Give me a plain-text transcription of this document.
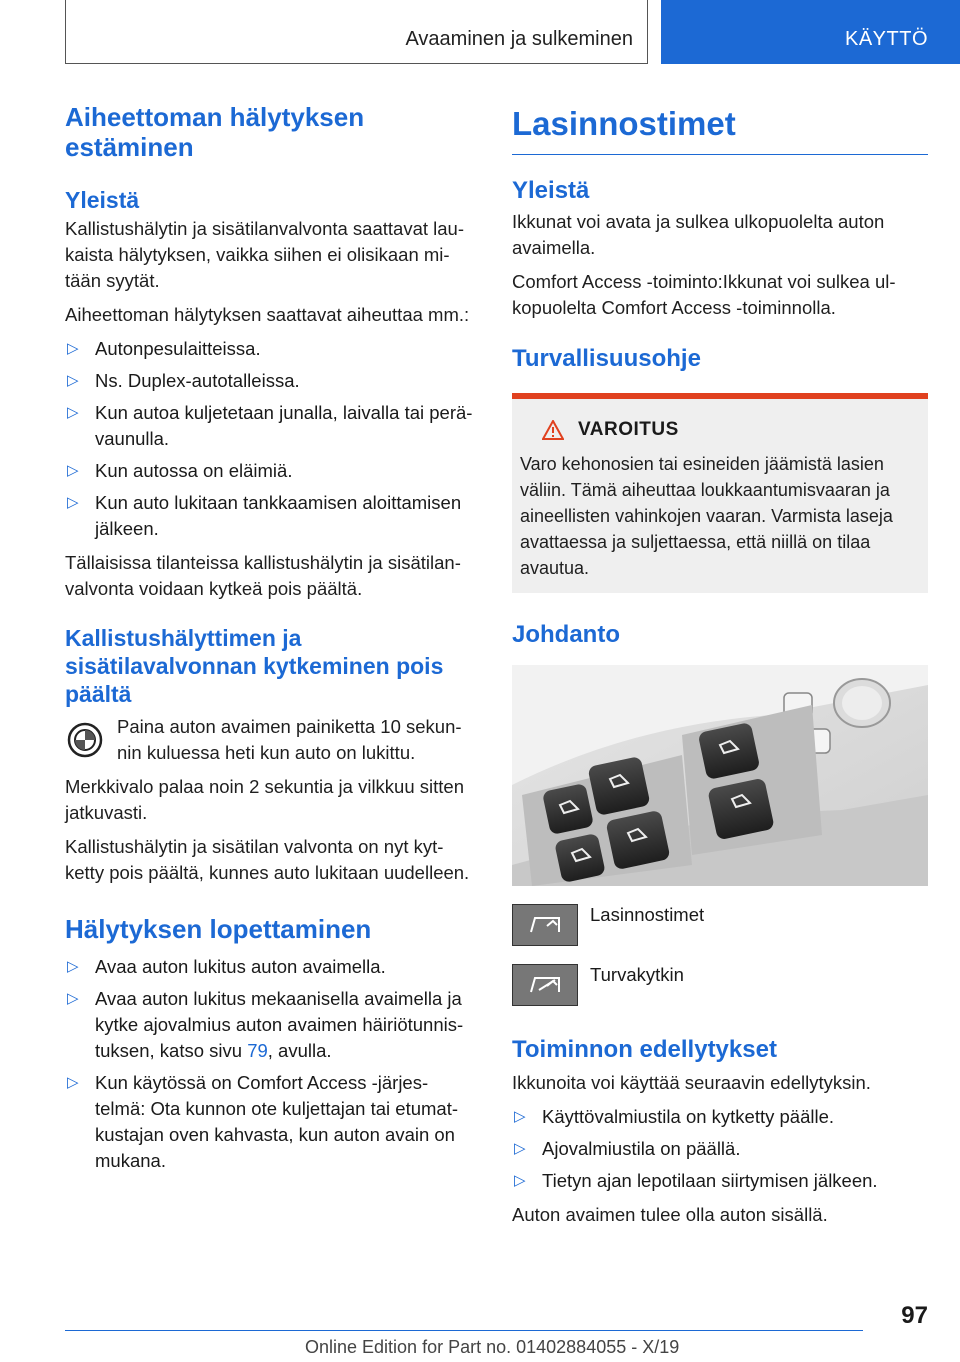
Avaaminen ja sulkeminen	KÄYTTÖ
Aiheettoman hälytyksen estäminen
Yleistä

Kallistushälytin ja sisätilanvalvonta saattavat lau-kaista hälytyksen, vaikka siihen ei olisikaan mi-tään syytät.

Aiheettoman hälytyksen saattavat aiheuttaa mm.:

▷ Autonpesulaitteissa.
▷ Ns. Duplex-autotalleissa.
▷ Kun autoa kuljetetaan junalla, laivalla tai perä-vaunulla.
▷ Kun autossa on eläimiä.
▷ Kun auto lukitaan tankkaamisen aloittamisen jälkeen.

Tällaisissa tilanteissa kallistushälytin ja sisätilan-valvonta voidaan kytkeä pois päältä.

Kallistushälyttimen ja sisätilavalvonnan kytkeminen pois päältä

Paina auton avaimen painiketta 10 sekun-nin kuluessa heti kun auto on lukittu.

Merkkivalo palaa noin 2 sekuntia ja vilkkuu sitten jatkuvasti.

Kallistushälytin ja sisätilan valvonta on nyt kyt-ketty pois päältä, kunnes auto lukitaan uudelleen.

Hälytyksen lopettaminen
▷ Avaa auton lukitus auton avaimella.
▷ Avaa auton lukitus mekaanisella avaimella ja kytke ajovalmius auton avaimen häiriötunnis-tuksen, katso sivu 79, avulla.
▷ Kun käytössä on Comfort Access -järjes-telmä: Ota kunnon ote kuljettajan tai etumat-kustajan oven kahvasta, kun auton avain on mukana.
Lasinnostimet
Yleistä

Ikkunat voi avata ja sulkea ulkopuolelta auton avaimella.

Comfort Access -toiminto:Ikkunat voi sulkea ul-kopuolelta Comfort Access -toiminnolla.

Turvallisuusohje
VAROITUS

Varo kehonosien tai esineiden jäämistä lasien väliin. Tämä aiheuttaa loukkaantumisvaaran ja aineellisten vahinkojen vaaran. Varmista laseja avattaessa ja suljettaessa, että niillä on tilaa avautua.

Johdanto
Lasinnostimet
Turvakytkin
Toiminnon edellytykset

Ikkunoita voi käyttää seuraavin edellytyksin.

▷ Käyttövalmiustila on kytketty päälle.
▷ Ajovalmiustila on päällä.
▷ Tietyn ajan lepotilaan siirtymisen jälkeen.

Auton avaimen tulee olla auton sisällä.

97
Online Edition for Part no. 01402884055 - X/19
